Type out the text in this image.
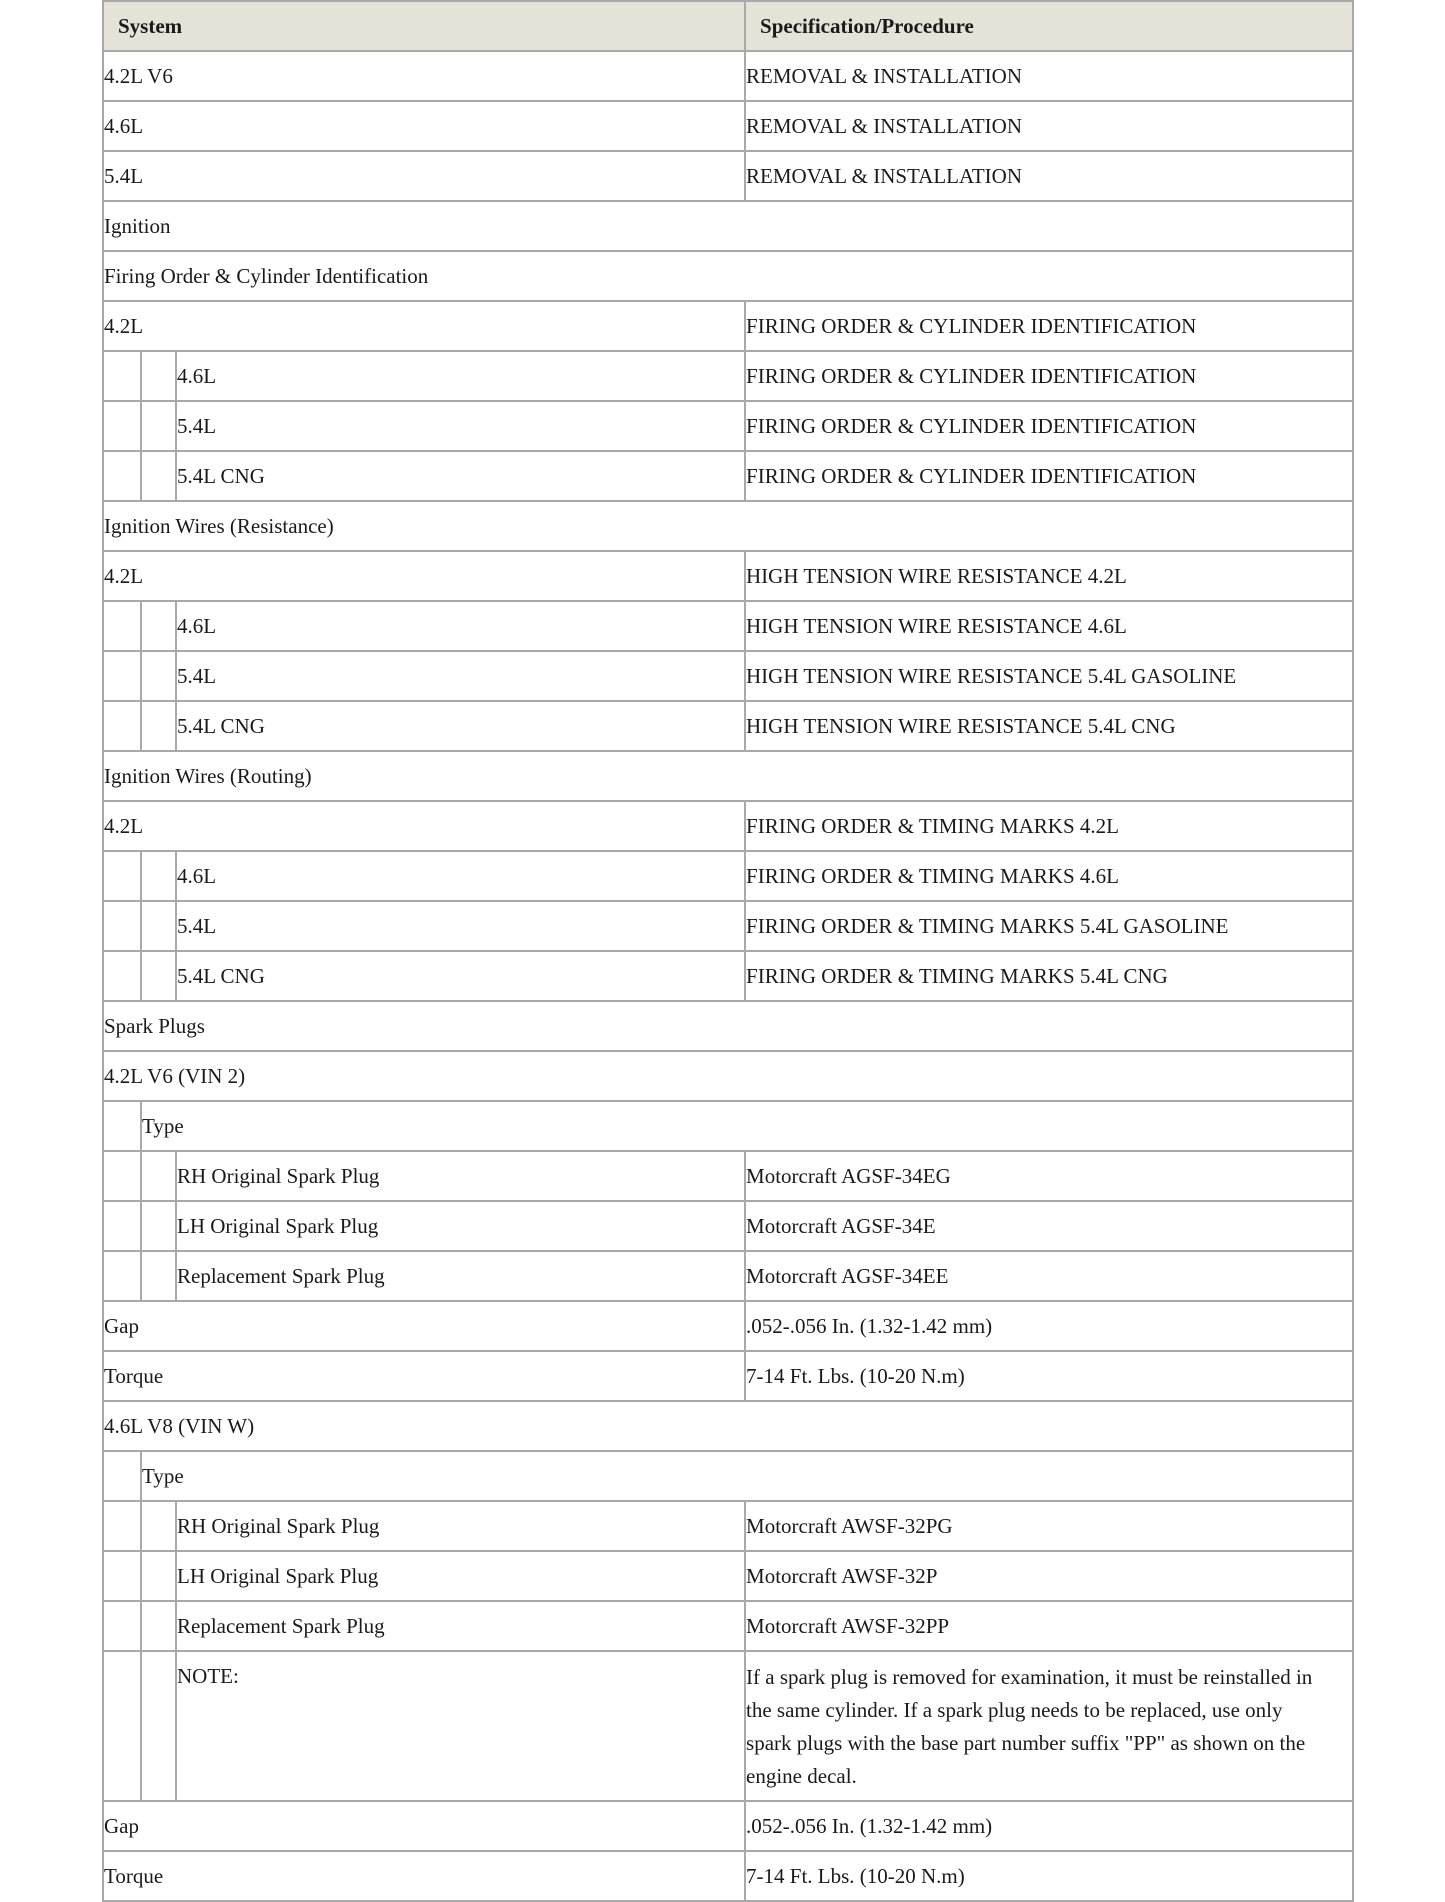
System			Specification/Procedure

4.2L V6			REMOVAL & INSTALLATION

4.6L			REMOVAL & INSTALLATION

5.4L			REMOVAL & INSTALLATION

Ignition			

Firing Order & Cylinder Identification			

4.2L			FIRING ORDER & CYLINDER IDENTIFICATION

		4.6L	FIRING ORDER & CYLINDER IDENTIFICATION

		5.4L	FIRING ORDER & CYLINDER IDENTIFICATION

		5.4L CNG	FIRING ORDER & CYLINDER IDENTIFICATION

Ignition Wires (Resistance)			

4.2L			HIGH TENSION WIRE RESISTANCE 4.2L

		4.6L	HIGH TENSION WIRE RESISTANCE 4.6L

		5.4L	HIGH TENSION WIRE RESISTANCE 5.4L GASOLINE

		5.4L CNG	HIGH TENSION WIRE RESISTANCE 5.4L CNG

Ignition Wires (Routing)			

4.2L			FIRING ORDER & TIMING MARKS 4.2L

		4.6L	FIRING ORDER & TIMING MARKS 4.6L

		5.4L	FIRING ORDER & TIMING MARKS 5.4L GASOLINE

		5.4L CNG	FIRING ORDER & TIMING MARKS 5.4L CNG

Spark Plugs			

4.2L V6 (VIN 2)			

	Type		

		RH Original Spark Plug	Motorcraft AGSF-34EG

		LH Original Spark Plug	Motorcraft AGSF-34E

		Replacement Spark Plug	Motorcraft AGSF-34EE

Gap			.052-.056 In. (1.32-1.42 mm)

Torque			7-14 Ft. Lbs. (10-20 N.m)

4.6L V8 (VIN W)			

	Type		

		RH Original Spark Plug	Motorcraft AWSF-32PG

		LH Original Spark Plug	Motorcraft AWSF-32P

		Replacement Spark Plug	Motorcraft AWSF-32PP

		NOTE:	If a spark plug is removed for examination, it must be reinstalled in the same cylinder. If a spark plug needs to be replaced, use only spark plugs with the base part number suffix "PP" as shown on the engine decal.

Gap			.052-.056 In. (1.32-1.42 mm)

Torque			7-14 Ft. Lbs. (10-20 N.m)
